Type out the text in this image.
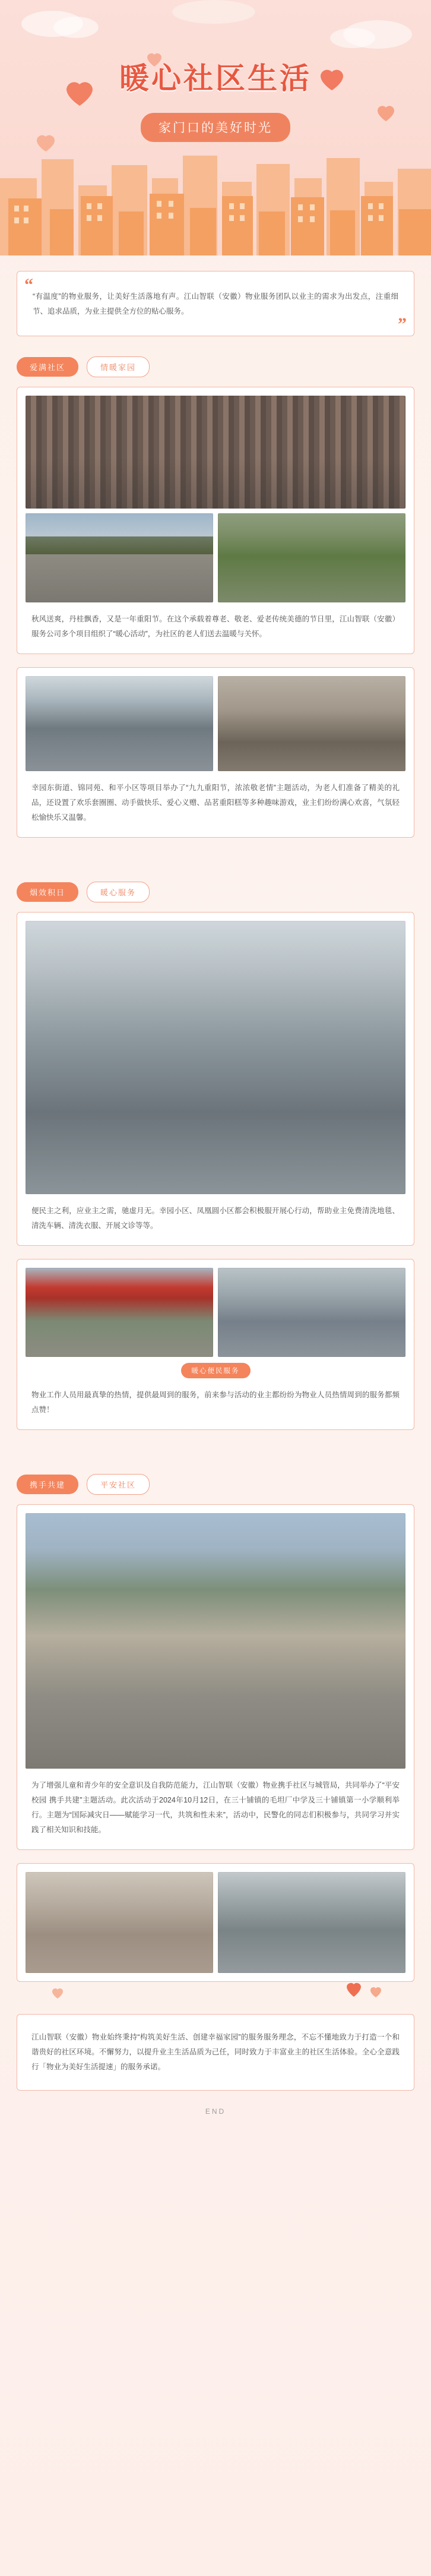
暖心社区生活
家门口的美好时光
“
“有温度”的物业服务，让美好生活落地有声。江山智联（安徽）物业服务团队以业主的需求为出发点，注重细节、追求品质，为业主提供全方位的贴心服务。
”
爱满社区	情暖家园
秋风送爽，丹桂飘香，又是一年重阳节。在这个承载着尊老、敬老、爱老传统美德的节日里，江山智联（安徽）服务公司多个项目组织了“暖心活动”，为社区的老人们送去温暖与关怀。
幸园东街道、锦同苑、和平小区等项目举办了“九九重阳节，浓浓敬老情”主题活动，为老人们准备了精美的礼品，还设置了欢乐套圈圈、动手做快乐、爱心义赠、品茗重阳糕等多种趣味游戏，业主们纷纷满心欢喜，气氛轻松愉快乐又温馨。
烟效积日	暖心服务
便民主之利，应业主之需，驰虚月无。幸园小区、凤凰圆小区都会积极服开展心行动，帮助业主免费清洗地毯、清洗车辆、清洗衣服、开展文诊等等。
暖心便民服务
物业工作人员用最真挚的热情，提供最周到的服务，前来参与活动的业主都纷纷为物业人员热情周到的服务都频点赞！
携手共建	平安社区
为了增强儿童和青少年的安全意识及自我防范能力，江山智联（安徽）物业携手社区与城管局，共同举办了“平安校园 携手共建”主题活动。此次活动于2024年10月12日，在三十铺镇的毛坦厂中学及三十铺镇第一小学顺利举行。主题为“国际减灾日——赋能学习一代，共筑和性未来”，活动中，民警化的同志们积极参与，共同学习并实践了相关知识和技能。
江山智联（安徽）物业始终秉持“构筑美好生活、创建幸福家园”的服务服务理念，不忘不懂地致力于打造一个和谐贵好的社区环境。不懈努力，以提升业主生活品质为己任，同时致力于丰富业主的社区生活体验。全心全意践行「物业为美好生活提速」的服务承诺。
END
